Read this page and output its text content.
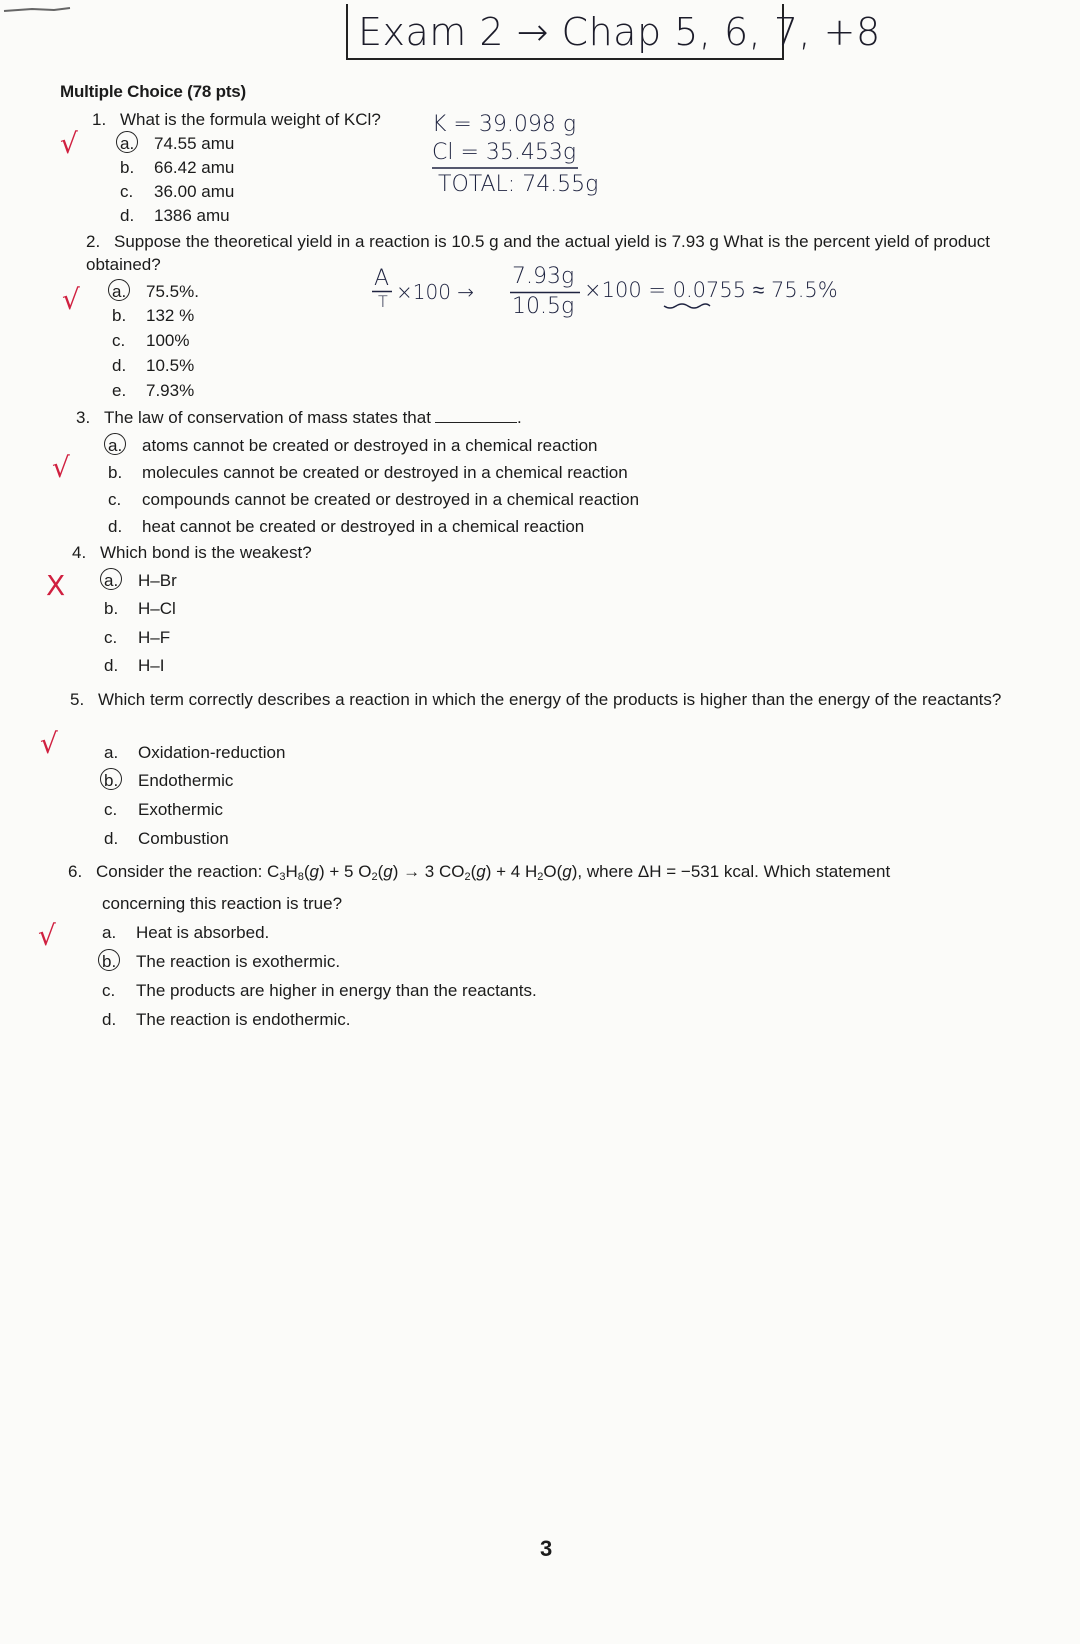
Exam 2 → Chap 5, 6, 7, +8
Multiple Choice (78 pts)
1. What is the formula weight of KCl?
√ a. 74.55 amu
b. 66.42 amu
c. 36.00 amu
d. 1386 amu
K = 39.098 g
Cl = 35.453g
TOTAL: 74.55g
2. Suppose the theoretical yield in a reaction is 10.5 g and the actual yield is 7.93 g What is the percent yield of product obtained?
√ a. 75.5%.
b. 132 %
c. 100%
d. 10.5%
e. 7.93%
A
T ×100 →
7.93g
10.5g
×100 = 0.0755 ≈ 75.5%
3. The law of conservation of mass states that	.
√
a. atoms cannot be created or destroyed in a chemical reaction
b. molecules cannot be created or destroyed in a chemical reaction
c. compounds cannot be created or destroyed in a chemical reaction
d. heat cannot be created or destroyed in a chemical reaction
4. Which bond is the weakest?
X a. H–Br
b. H–Cl
c. H–F
d. H–I
5. Which term correctly describes a reaction in which the energy of the products is higher than the energy of the reactants?
√	a. Oxidation-reduction
b. Endothermic
c. Exothermic
d. Combustion
6. Consider the reaction: $C_3H_8(g) + 5$ $O_2(g) \to 3$ $CO_2(g) + 4$ $H_2O(g)$, where ΔH = −531 kcal. Which statement
concerning this reaction is true?
√	a. Heat is absorbed.
b. The reaction is exothermic.
c. The products are higher in energy than the reactants.
d. The reaction is endothermic.
3
